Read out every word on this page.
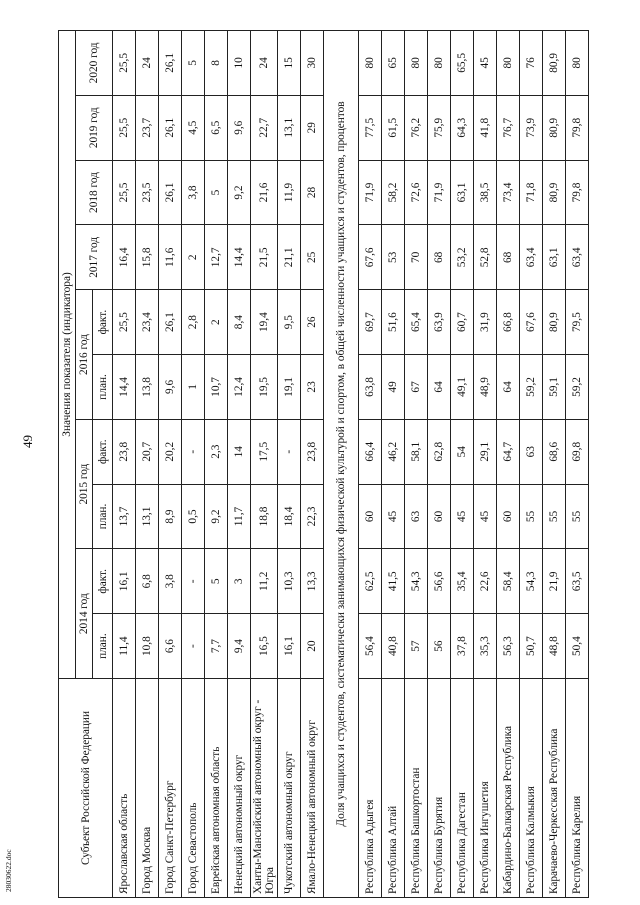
49
28030622.doc
Субъект Российской Федерации	Значения показателя (индикатора)									
	2014 год		2015 год		2016 год		2017 год	2018 год	2019 год	2020 год
	план.	факт.	план.	факт.	план.	факт.				
Ярославская область	11,4	16,1	13,7	23,8	14,4	25,5	16,4	25,5	25,5	25,5
Город Москва	10,8	6,8	13,1	20,7	13,8	23,4	15,8	23,5	23,7	24
Город Санкт-Петербург	6,6	3,8	8,9	20,2	9,6	26,1	11,6	26,1	26,1	26,1
Город Севастополь	-	-	0,5	-	1	2,8	2	3,8	4,5	5
Еврейская автономная область	7,7	5	9,2	2,3	10,7	2	12,7	5	6,5	8
Ненецкий автономный округ	9,4	3	11,7	14	12,4	8,4	14,4	9,2	9,6	10
Ханты-Мансийский автономный округ - Югра	16,5	11,2	18,8	17,5	19,5	19,4	21,5	21,6	22,7	24
Чукотский автономный округ	16,1	10,3	18,4	-	19,1	9,5	21,1	11,9	13,1	15
Ямало-Ненецкий автономный округ	20	13,3	22,3	23,8	23	26	25	28	29	30
Доля учащихся и студентов, систематически занимающихся физической культурой и спортом, в общей численности учащихся и студентов, процентов										
Республика Адыгея	56,4	62,5	60	66,4	63,8	69,7	67,6	71,9	77,5	80
Республика Алтай	40,8	41,5	45	46,2	49	51,6	53	58,2	61,5	65
Республика Башкортостан	57	54,3	63	58,1	67	65,4	70	72,6	76,2	80
Республика Бурятия	56	56,6	60	62,8	64	63,9	68	71,9	75,9	80
Республика Дагестан	37,8	35,4	45	54	49,1	60,7	53,2	63,1	64,3	65,5
Республика Ингушетия	35,3	22,6	45	29,1	48,9	31,9	52,8	38,5	41,8	45
Кабардино-Балкарская Республика	56,3	58,4	60	64,7	64	66,8	68	73,4	76,7	80
Республика Калмыкия	50,7	54,3	55	63	59,2	67,6	63,4	71,8	73,9	76
Карачаево-Черкесская Республика	48,8	21,9	55	68,6	59,1	80,9	63,1	80,9	80,9	80,9
Республика Карелия	50,4	63,5	55	69,8	59,2	79,5	63,4	79,8	79,8	80
